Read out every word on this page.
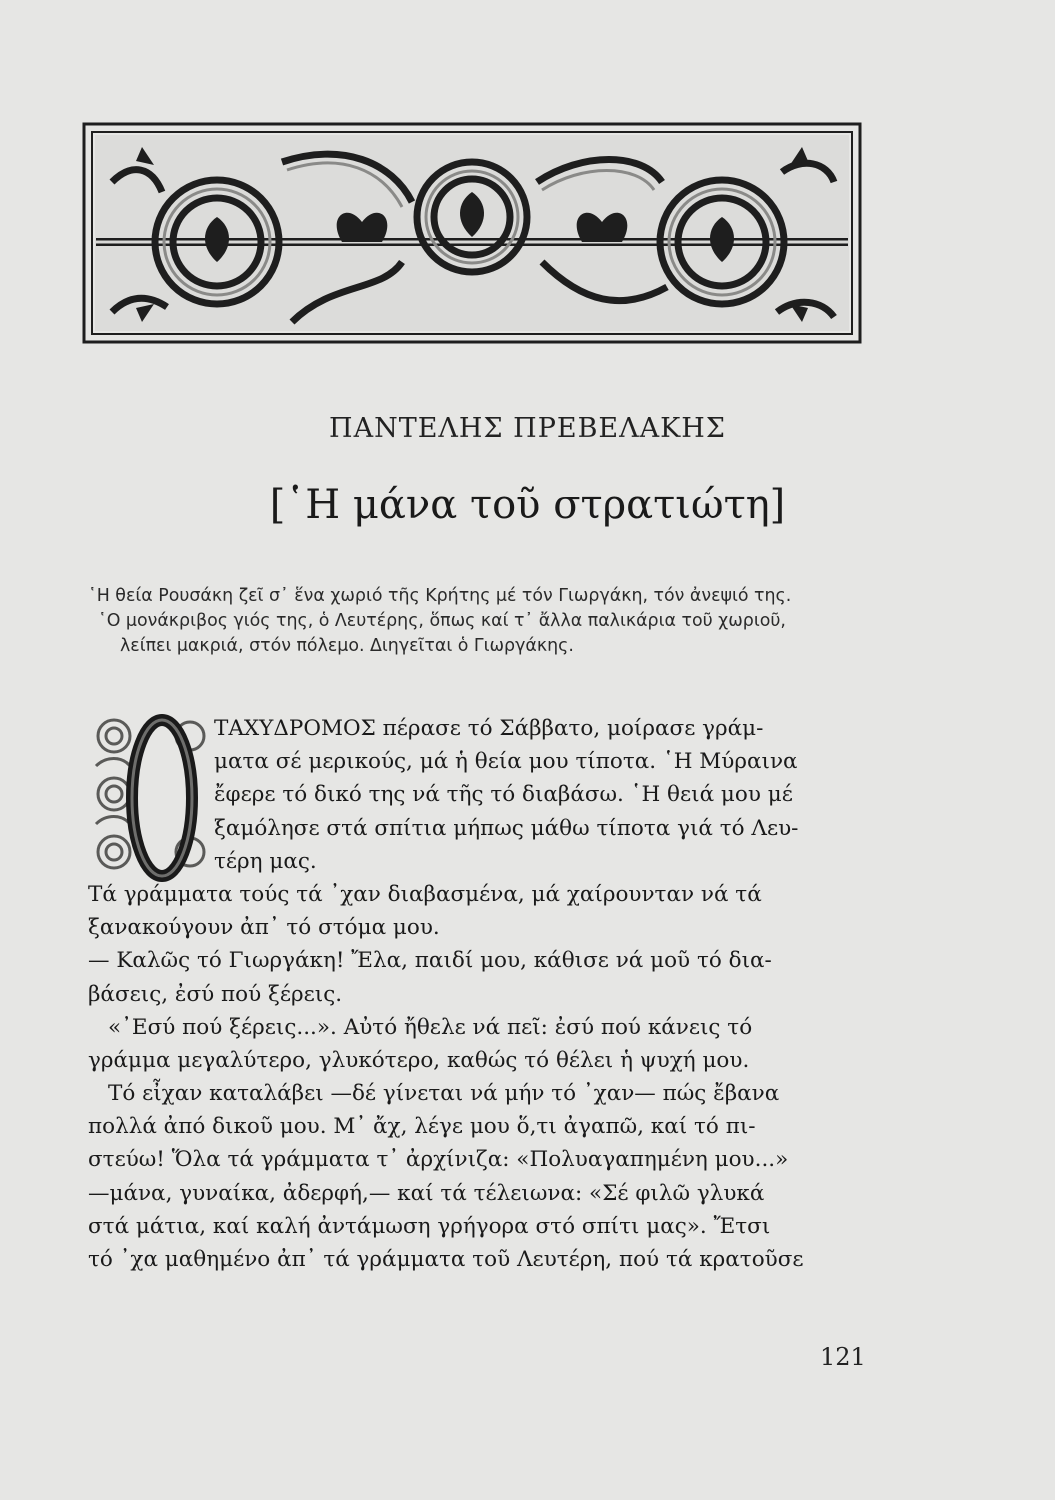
ΠΑΝΤΕΛΗΣ ΠΡΕΒΕΛΑΚΗΣ
[῾Η μάνα τοῦ στρατιώτη]

῾Η θεία Ρουσάκη ζεῖ σ᾽ ἕνα χωριό τῆς Κρήτης μέ τόν Γιωργάκη, τόν ἀνεψιό της.

῾Ο μονάκριβος γιός της, ὁ Λευτέρης, ὅπως καί τ᾽ ἄλλα παλικάρια τοῦ χωριοῦ,

λείπει μακριά, στόν πόλεμο. Διηγεῖται ὁ Γιωργάκης.

Ο
ΤΑΧΥΔΡΟΜΟΣ πέρασε τό Σάββατο, μοίρασε γράμ-
ματα σέ μερικούς, μά ἡ θεία μου τίποτα. ῾Η Μύραινα
ἔφερε τό δικό της νά τῆς τό διαβάσω. ῾Η θειά μου μέ
ξαμόλησε στά σπίτια μήπως μάθω τίποτα γιά τό Λευ-
τέρη μας.
Τά γράμματα τούς τά ᾽χαν διαβασμένα, μά χαίρουνταν νά τά
ξανακούγουν ἀπ᾽ τό στόμα μου.
— Καλῶς τό Γιωργάκη! Ἔλα, παιδί μου, κάθισε νά μοῦ τό δια-
βάσεις, ἐσύ πού ξέρεις.
«᾽Εσύ πού ξέρεις...». Αὐτό ἤθελε νά πεῖ: ἐσύ πού κάνεις τό
γράμμα μεγαλύτερο, γλυκότερο, καθώς τό θέλει ἡ ψυχή μου.
Τό εἶχαν καταλάβει —δέ γίνεται νά μήν τό ᾽χαν— πώς ἔβανα
πολλά ἀπό δικοῦ μου. Μ᾽ ἄχ, λέγε μου ὅ,τι ἀγαπῶ, καί τό πι-
στεύω! Ὅλα τά γράμματα τ᾽ ἀρχίνιζα: «Πολυαγαπημένη μου...»
—μάνα, γυναίκα, ἀδερφή,— καί τά τέλειωνα: «Σέ φιλῶ γλυκά
στά μάτια, καί καλή ἀντάμωση γρήγορα στό σπίτι μας». Ἔτσι
τό ᾽χα μαθημένο ἀπ᾽ τά γράμματα τοῦ Λευτέρη, πού τά κρατοῦσε
121
